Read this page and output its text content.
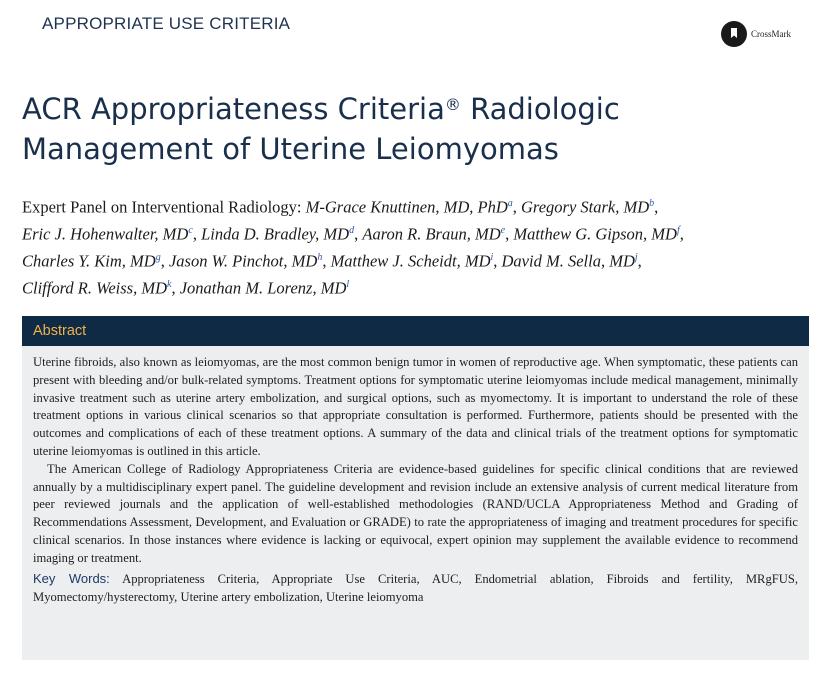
APPROPRIATE USE CRITERIA
CrossMark
ACR Appropriateness Criteria® Radiologic
Management of Uterine Leiomyomas
Expert Panel on Interventional Radiology: M-Grace Knuttinen, MD, PhD$^a$, Gregory Stark, $MD^b$,
Eric J. Hohenwalter, $MD^c$, Linda D. Bradley, $MD^d$, Aaron R. Braun, MDe, Matthew G. Gipson, $MD^f$,
Charles Y. Kim, $MD^g$, Jason W. Pinchot, $MD^h$, Matthew J. Scheidt, $MD^i$, David M. Sella, $MD^j$,
Clifford R. Weiss, $MD^k$, Jonathan M. Lorenz, $MD^l$
Abstract

Uterine fibroids, also known as leiomyomas, are the most common benign tumor in women of reproductive age. When symptomatic, these patients can present with bleeding and/or bulk-related symptoms. Treatment options for symptomatic uterine leiomyomas include medical management, minimally invasive treatment such as uterine artery embolization, and surgical options, such as myomectomy. It is important to understand the role of these treatment options in various clinical scenarios so that appropriate consultation is performed. Furthermore, patients should be presented with the outcomes and complications of each of these treatment options. A summary of the data and clinical trials of the treatment options for symptomatic uterine leiomyomas is outlined in this article.

The American College of Radiology Appropriateness Criteria are evidence-based guidelines for specific clinical conditions that are reviewed annually by a multidisciplinary expert panel. The guideline development and revision include an extensive analysis of current medical literature from peer reviewed journals and the application of well-established methodologies (RAND/UCLA Appropriateness Method and Grading of Recommendations Assessment, Development, and Evaluation or GRADE) to rate the appropriateness of imaging and treatment procedures for specific clinical scenarios. In those instances where evidence is lacking or equivocal, expert opinion may supplement the available evidence to recommend imaging or treatment.

Key Words: Appropriateness Criteria, Appropriate Use Criteria, AUC, Endometrial ablation, Fibroids and fertility, MRgFUS, Myomectomy/hysterectomy, Uterine artery embolization, Uterine leiomyoma
